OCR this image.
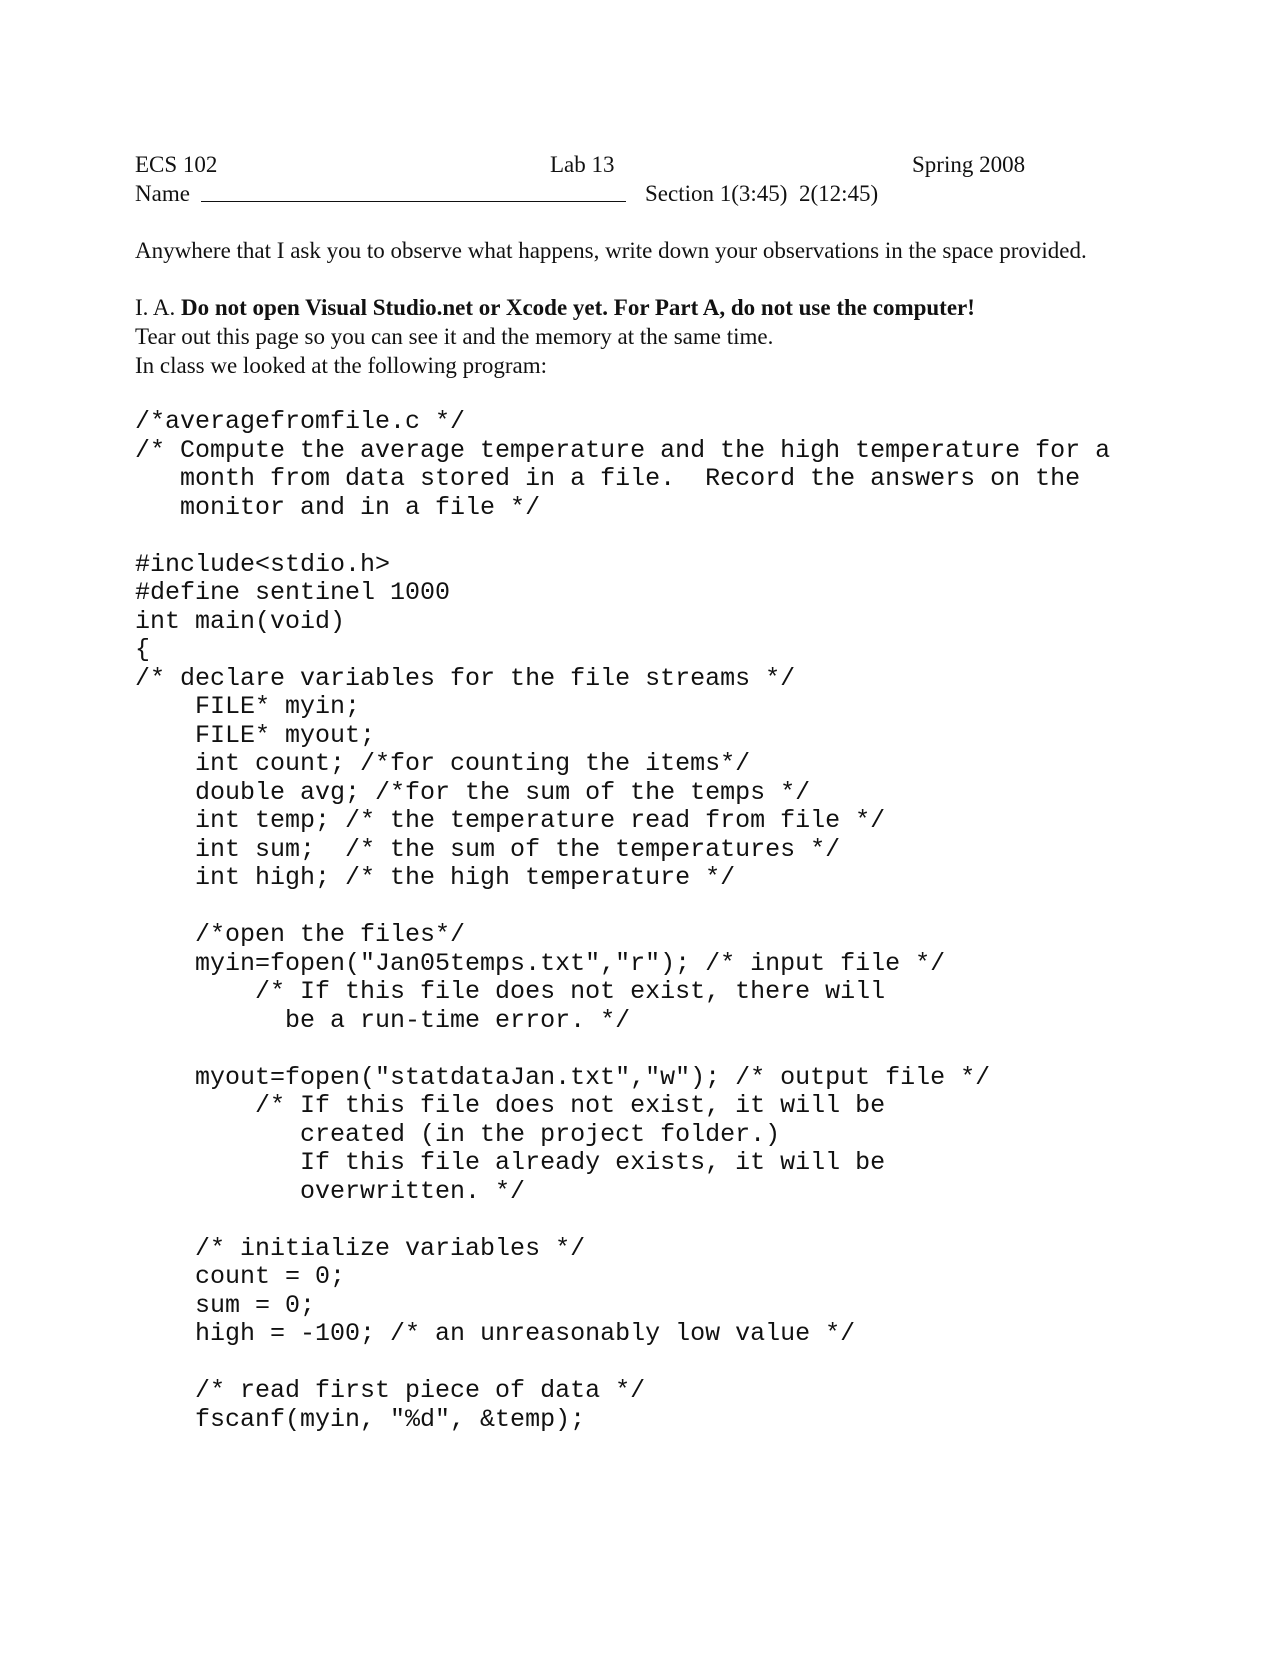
ECS 102

	Lab 13

	Spring 2008

Name

	Section 1(3:45)  2(12:45)

Anywhere that I ask you to observe what happens, write down your observations in the space provided.

I. A. Do not open Visual Studio.net or Xcode yet. For Part A, do not use the computer!

Tear out this page so you can see it and the memory at the same time.

In class we looked at the following program:

/*averagefromfile.c */
/* Compute the average temperature and the high temperature for a
month from data stored in a file.  Record the answers on the
monitor and in a file */

#include<stdio.h>
#define sentinel 1000
int main(void)
{
/* declare variables for the file streams */
FILE* myin;
FILE* myout;
int count; /*for counting the items*/
double avg; /*for the sum of the temps */
int temp; /* the temperature read from file */
int sum;  /* the sum of the temperatures */
int high; /* the high temperature */

/*open the files*/
myin=fopen("Jan05temps.txt","r"); /* input file */
/* If this file does not exist, there will
be a run-time error. */

myout=fopen("statdataJan.txt","w"); /* output file */
/* If this file does not exist, it will be
created (in the project folder.)
If this file already exists, it will be
overwritten. */

/* initialize variables */
count = 0;
sum = 0;
high = -100; /* an unreasonably low value */

/* read first piece of data */
fscanf(myin, "%d", &temp);
